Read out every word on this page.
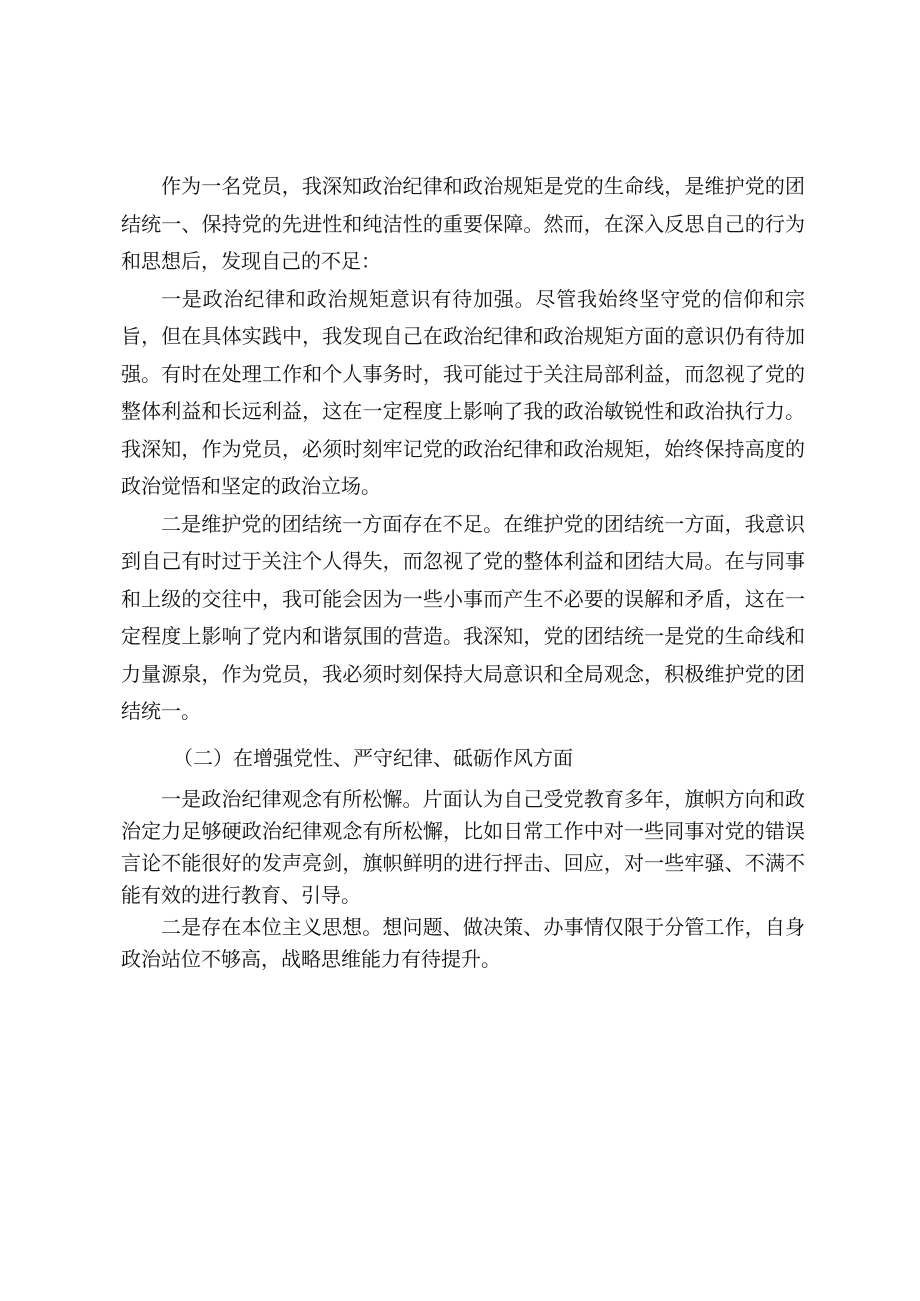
作为一名党员，我深知政治纪律和政治规矩是党的生命线，是维护党的团结统一、保持党的先进性和纯洁性的重要保障。然而，在深入反思自己的行为和思想后，发现自己的不足：

一是政治纪律和政治规矩意识有待加强。尽管我始终坚守党的信仰和宗旨，但在具体实践中，我发现自己在政治纪律和政治规矩方面的意识仍有待加强。有时在处理工作和个人事务时，我可能过于关注局部利益，而忽视了党的整体利益和长远利益，这在一定程度上影响了我的政治敏锐性和政治执行力。我深知，作为党员，必须时刻牢记党的政治纪律和政治规矩，始终保持高度的政治觉悟和坚定的政治立场。

二是维护党的团结统一方面存在不足。在维护党的团结统一方面，我意识到自己有时过于关注个人得失，而忽视了党的整体利益和团结大局。在与同事和上级的交往中，我可能会因为一些小事而产生不必要的误解和矛盾，这在一定程度上影响了党内和谐氛围的营造。我深知，党的团结统一是党的生命线和力量源泉，作为党员，我必须时刻保持大局意识和全局观念，积极维护党的团结统一。

（二）在增强党性、严守纪律、砥砺作风方面

一是政治纪律观念有所松懈。片面认为自己受党教育多年，旗帜方向和政治定力足够硬政治纪律观念有所松懈，比如日常工作中对一些同事对党的错误言论不能很好的发声亮剑，旗帜鲜明的进行抨击、回应，对一些牢骚、不满不能有效的进行教育、引导。

二是存在本位主义思想。想问题、做决策、办事情仅限于分管工作，自身政治站位不够高，战略思维能力有待提升。
